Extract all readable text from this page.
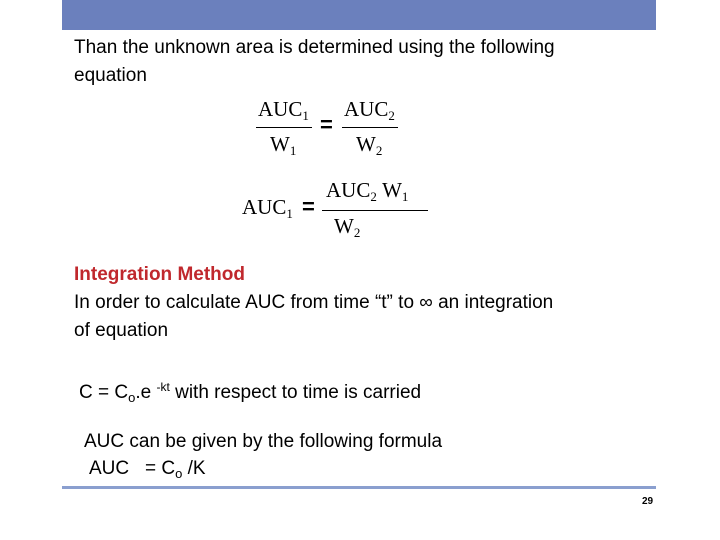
Than the unknown area is determined using the following
equation
$AUC_1$
$W_1$
=
$AUC_2$
$W_2$
$AUC_1$ =
$AUC_2$ $W_1$
$W_2$
Integration Method
In order to calculate AUC from time “t” to ∞ an integration
of equation
$C = C_o.e$ $^{-kt}$ with respect to time is carried
AUC can be given by the following formula
AUC   = $C_o$ /K
29
